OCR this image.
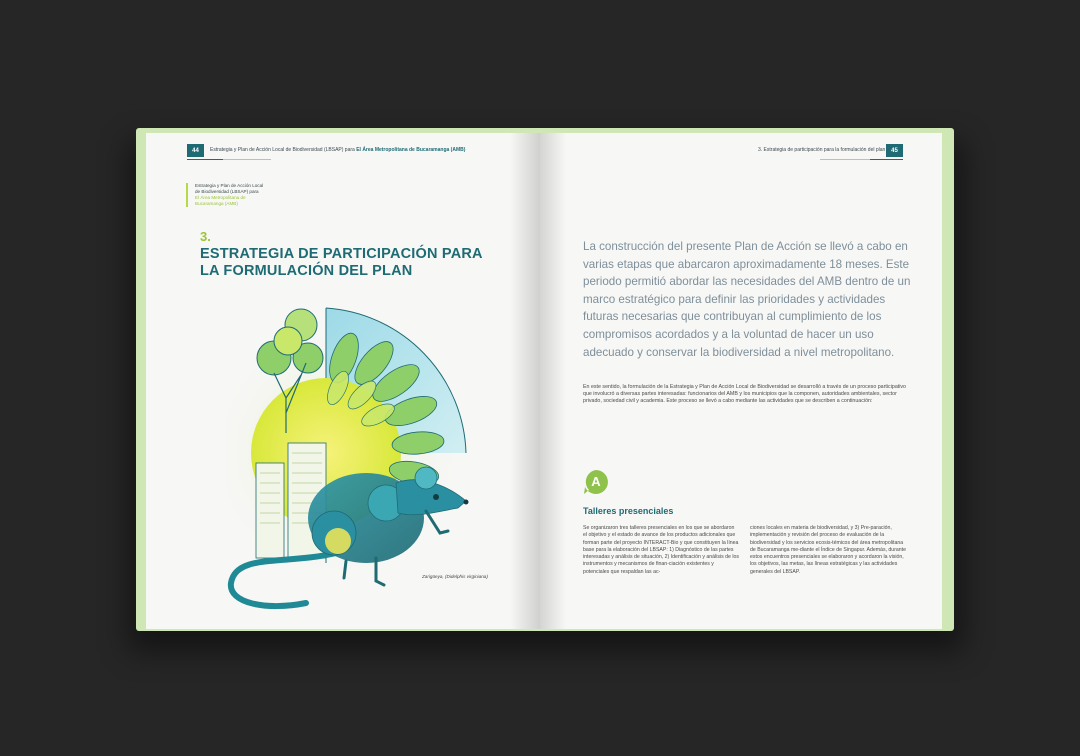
44	Estrategia y Plan de Acción Local de Biodiversidad (LBSAP) para El Área Metropolitana de Bucaramanga (AMB)
Estrategia y Plan de Acción Local
de Biodiversidad (LBSAP) para
El Área Metropolitana de
Bucaramanga (AMB)
3.
ESTRATEGIA DE PARTICIPACIÓN PARA
LA FORMULACIÓN DEL PLAN
Zarigüeya, (Didelphis virginiana)
3. Estrategia de participación para la formulación del plan 45
La construcción del presente Plan de Acción se llevó a cabo en varias etapas que abarcaron aproximadamente 18 meses. Este periodo permitió abordar las necesidades del AMB dentro de un marco estratégico para definir las prioridades y actividades futuras necesarias que contribuyan al cumplimiento de los compromisos acordados y a la voluntad de hacer un uso adecuado y conservar la biodiversidad a nivel metropolitano.
En este sentido, la formulación de la Estrategia y Plan de Acción Local de Biodiversidad se desarrolló a través de un proceso participativo que involucró a diversas partes interesadas: funcionarios del AMB y los municipios que la componen, autoridades ambientales, sector privado, sociedad civil y academia. Este proceso se llevó a cabo mediante las actividades que se describen a continuación:
A
Talleres presenciales
Se organizaron tres talleres presenciales en los que se abordaron el objetivo y el estado de avance de los productos adicionales que forman parte del proyecto INTERACT-Bio y que constituyen la línea base para la elaboración del LBSAP: 1) Diagnóstico de las partes interesadas y análisis de situación, 2) Identificación y análisis de los instrumentos y mecanismos de finan-ciación existentes y potenciales que respaldan las ac-
ciones locales en materia de biodiversidad, y 3) Pre-paración, implementación y revisión del proceso de evaluación de la biodiversidad y los servicios ecosis-témicos del área metropolitana de Bucaramanga me-diante el Índice de Singapur. Además, durante estos encuentros presenciales se elaboraron y acordaron la visión, los objetivos, las metas, las líneas estratégicas y las actividades generales del LBSAP.
